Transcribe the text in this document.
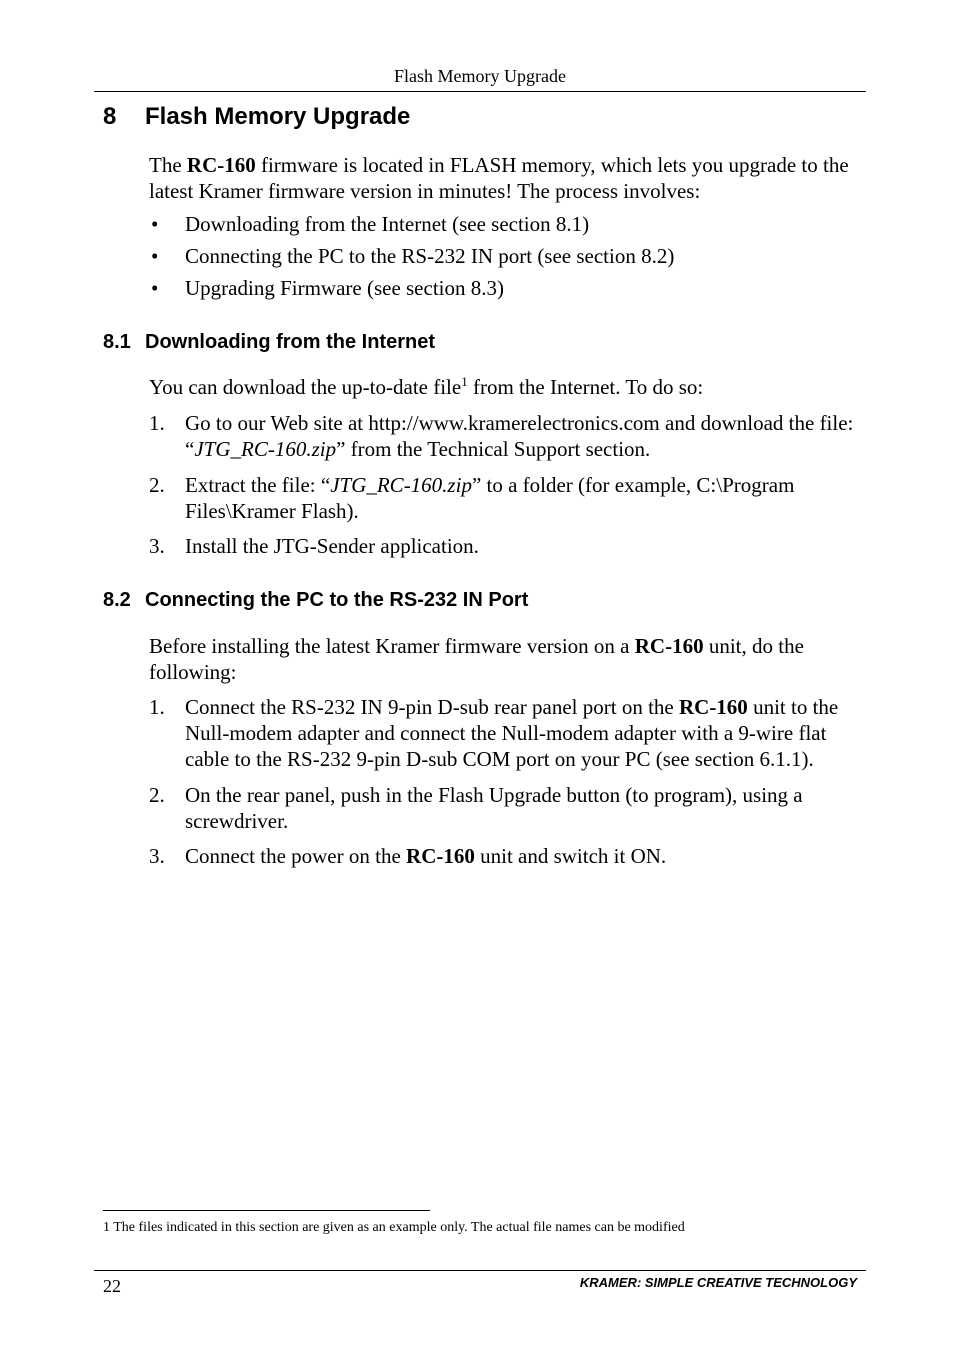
Flash Memory Upgrade
8 Flash Memory Upgrade
The RC-160 firmware is located in FLASH memory, which lets you upgrade to the latest Kramer firmware version in minutes! The process involves:
•	Downloading from the Internet (see section 8.1)
•	Connecting the PC to the RS-232 IN port (see section 8.2)
•	Upgrading Firmware (see section 8.3)
8.1 Downloading from the Internet
You can download the up-to-date file$^1$ from the Internet. To do so:
1. Go to our Web site at http://www.kramerelectronics.com and download the file: “JTG_RC-160.zip” from the Technical Support section.
2. Extract the file: “JTG_RC-160.zip” to a folder (for example, C:\Program Files\Kramer Flash).
3. Install the JTG-Sender application.
8.2 Connecting the PC to the RS-232 IN Port
Before installing the latest Kramer firmware version on a RC-160 unit, do the following:
1. Connect the RS-232 IN 9-pin D-sub rear panel port on the RC-160 unit to the Null-modem adapter and connect the Null-modem adapter with a 9-wire flat cable to the RS-232 9-pin D-sub COM port on your PC (see section 6.1.1).
2. On the rear panel, push in the Flash Upgrade button (to program), using a screwdriver.
3. Connect the power on the RC-160 unit and switch it ON.
1 The files indicated in this section are given as an example only. The actual file names can be modified
22	KRAMER: SIMPLE CREATIVE TECHNOLOGY
